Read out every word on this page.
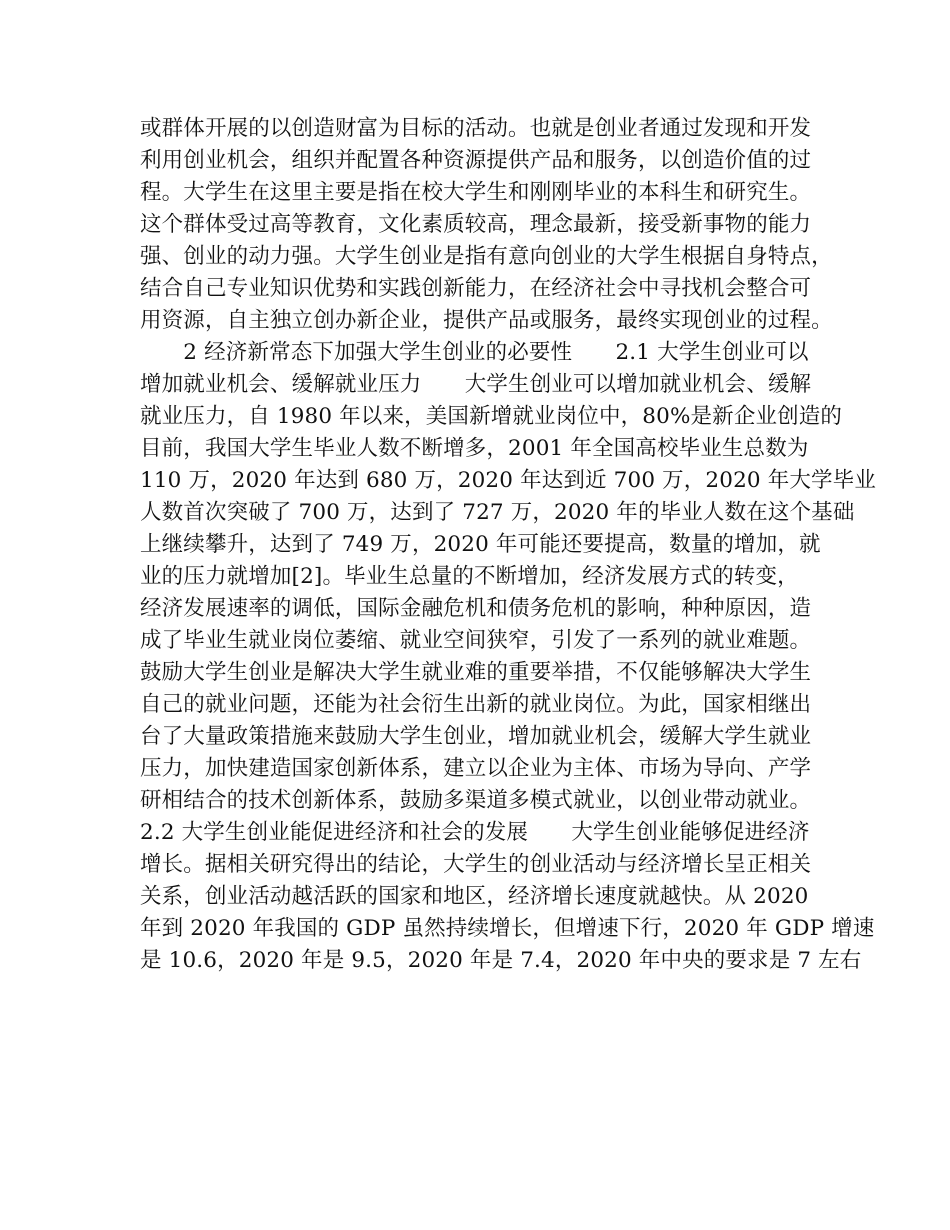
或群体开展的以创造财富为目标的活动。也就是创业者通过发现和开发
利用创业机会，组织并配置各种资源提供产品和服务，以创造价值的过
程。大学生在这里主要是指在校大学生和刚刚毕业的本科生和研究生。
这个群体受过高等教育，文化素质较高，理念最新，接受新事物的能力
强、创业的动力强。大学生创业是指有意向创业的大学生根据自身特点，
结合自己专业知识优势和实践创新能力，在经济社会中寻找机会整合可
用资源，自主独立创办新企业，提供产品或服务，最终实现创业的过程。
　　2 经济新常态下加强大学生创业的必要性　　2.1 大学生创业可以
增加就业机会、缓解就业压力　　大学生创业可以增加就业机会、缓解
就业压力，自 1980 年以来，美国新增就业岗位中，80%是新企业创造的
目前，我国大学生毕业人数不断增多，2001 年全国高校毕业生总数为
110 万，2020 年达到 680 万，2020 年达到近 700 万，2020 年大学毕业
人数首次突破了 700 万，达到了 727 万，2020 年的毕业人数在这个基础
上继续攀升，达到了 749 万，2020 年可能还要提高，数量的增加，就
业的压力就增加[2]。毕业生总量的不断增加，经济发展方式的转变，
经济发展速率的调低，国际金融危机和债务危机的影响，种种原因，造
成了毕业生就业岗位萎缩、就业空间狭窄，引发了一系列的就业难题。
鼓励大学生创业是解决大学生就业难的重要举措，不仅能够解决大学生
自己的就业问题，还能为社会衍生出新的就业岗位。为此，国家相继出
台了大量政策措施来鼓励大学生创业，增加就业机会，缓解大学生就业
压力，加快建造国家创新体系，建立以企业为主体、市场为导向、产学
研相结合的技术创新体系，鼓励多渠道多模式就业，以创业带动就业。
2.2 大学生创业能促进经济和社会的发展　　大学生创业能够促进经济
增长。据相关研究得出的结论，大学生的创业活动与经济增长呈正相关
关系，创业活动越活跃的国家和地区，经济增长速度就越快。从 2020
年到 2020 年我国的 GDP 虽然持续增长，但增速下行，2020 年 GDP 增速
是 10.6，2020 年是 9.5，2020 年是 7.4，2020 年中央的要求是 7 左右
